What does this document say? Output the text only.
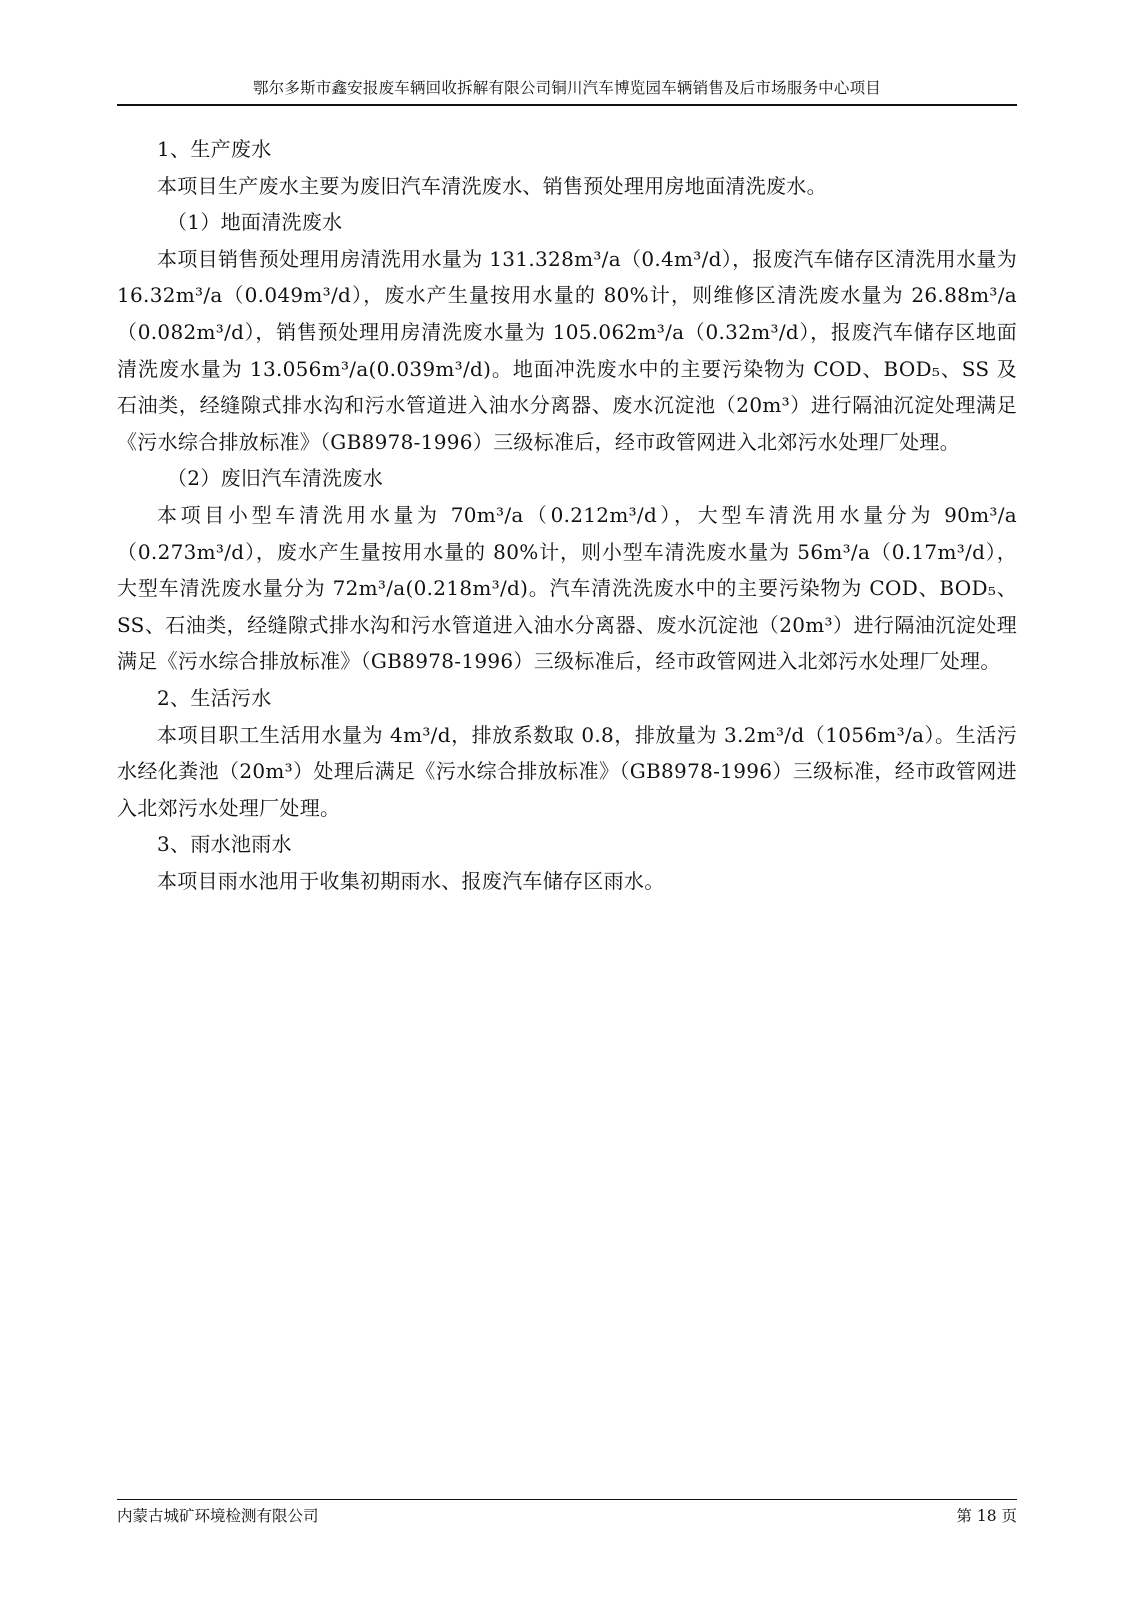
鄂尔多斯市鑫安报废车辆回收拆解有限公司铜川汽车博览园车辆销售及后市场服务中心项目

1、生产废水

本项目生产废水主要为废旧汽车清洗废水、销售预处理用房地面清洗废水。

（1）地面清洗废水

本项目销售预处理用房清洗用水量为 131.328m³/a（0.4m³/d），报废汽车储存区清洗用水量为 16.32m³/a（0.049m³/d），废水产生量按用水量的 80%计，则维修区清洗废水量为 26.88m³/a（0.082m³/d），销售预处理用房清洗废水量为 105.062m³/a（0.32m³/d），报废汽车储存区地面清洗废水量为 13.056m³/a(0.039m³/d)。地面冲洗废水中的主要污染物为 COD、BOD₅、SS 及石油类，经缝隙式排水沟和污水管道进入油水分离器、废水沉淀池（20m³）进行隔油沉淀处理满足《污水综合排放标准》（GB8978-1996）三级标准后，经市政管网进入北郊污水处理厂处理。

（2）废旧汽车清洗废水

本项目小型车清洗用水量为 70m³/a（0.212m³/d），大型车清洗用水量分为 90m³/a（0.273m³/d），废水产生量按用水量的 80%计，则小型车清洗废水量为 56m³/a（0.17m³/d），大型车清洗废水量分为 72m³/a(0.218m³/d)。汽车清洗洗废水中的主要污染物为 COD、BOD₅、SS、石油类，经缝隙式排水沟和污水管道进入油水分离器、废水沉淀池（20m³）进行隔油沉淀处理满足《污水综合排放标准》（GB8978-1996）三级标准后，经市政管网进入北郊污水处理厂处理。

2、生活污水

本项目职工生活用水量为 4m³/d，排放系数取 0.8，排放量为 3.2m³/d（1056m³/a）。生活污水经化粪池（20m³）处理后满足《污水综合排放标准》（GB8978-1996）三级标准，经市政管网进入北郊污水处理厂处理。

3、雨水池雨水

本项目雨水池用于收集初期雨水、报废汽车储存区雨水。

内蒙古城矿环境检测有限公司	第 18 页
